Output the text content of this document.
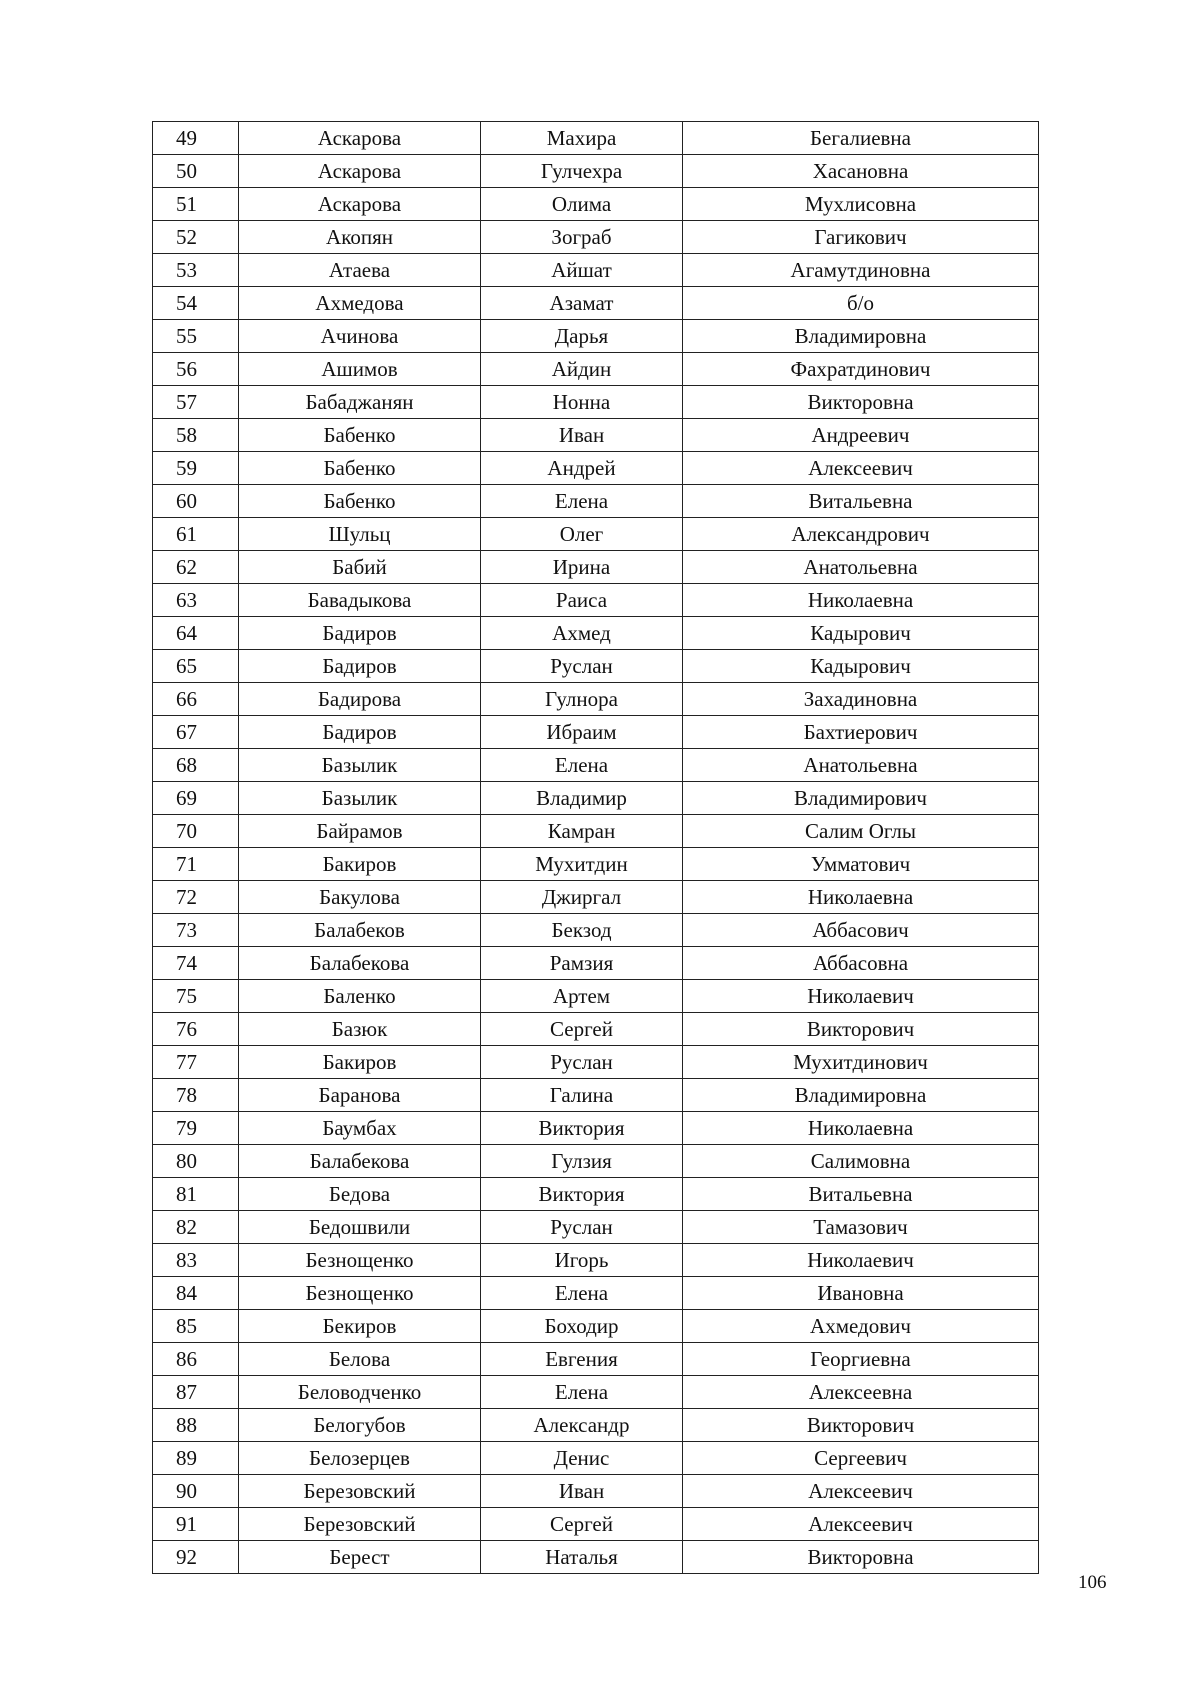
49	Аскарова	Махира	Бегалиевна
50	Аскарова	Гулчехра	Хасановна
51	Аскарова	Олима	Мухлисовна
52	Акопян	Зограб	Гагикович
53	Атаева	Айшат	Агамутдиновна
54	Ахмедова	Азамат	б/о
55	Ачинова	Дарья	Владимировна
56	Ашимов	Айдин	Фахратдинович
57	Бабаджанян	Нонна	Викторовна
58	Бабенко	Иван	Андреевич
59	Бабенко	Андрей	Алексеевич
60	Бабенко	Елена	Витальевна
61	Шульц	Олег	Александрович
62	Бабий	Ирина	Анатольевна
63	Бавадыкова	Раиса	Николаевна
64	Бадиров	Ахмед	Кадырович
65	Бадиров	Руслан	Кадырович
66	Бадирова	Гулнора	Захадиновна
67	Бадиров	Ибраим	Бахтиерович
68	Базылик	Елена	Анатольевна
69	Базылик	Владимир	Владимирович
70	Байрамов	Камран	Салим Оглы
71	Бакиров	Мухитдин	Умматович
72	Бакулова	Джиргал	Николаевна
73	Балабеков	Бекзод	Аббасович
74	Балабекова	Рамзия	Аббасовна
75	Баленко	Артем	Николаевич
76	Базюк	Сергей	Викторович
77	Бакиров	Руслан	Мухитдинович
78	Баранова	Галина	Владимировна
79	Баумбах	Виктория	Николаевна
80	Балабекова	Гулзия	Салимовна
81	Бедова	Виктория	Витальевна
82	Бедошвили	Руслан	Тамазович
83	Безнощенко	Игорь	Николаевич
84	Безнощенко	Елена	Ивановна
85	Бекиров	Боходир	Ахмедович
86	Белова	Евгения	Георгиевна
87	Беловодченко	Елена	Алексеевна
88	Белогубов	Александр	Викторович
89	Белозерцев	Денис	Сергеевич
90	Березовский	Иван	Алексеевич
91	Березовский	Сергей	Алексеевич
92	Берест	Наталья	Викторовна
106
